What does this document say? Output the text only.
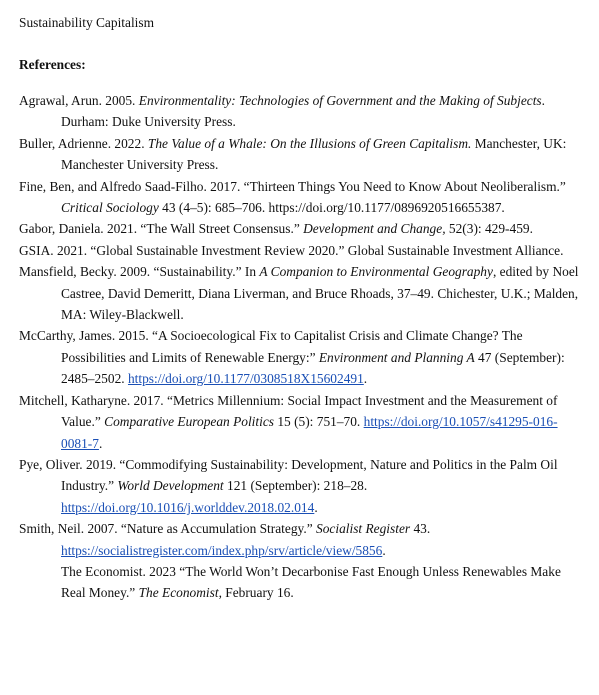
Sustainability Capitalism
References:

Agrawal, Arun. 2005. Environmentality: Technologies of Government and the Making of Subjects. Durham: Duke University Press.

Buller, Adrienne. 2022. The Value of a Whale: On the Illusions of Green Capitalism. Manchester, UK: Manchester University Press.

Fine, Ben, and Alfredo Saad-Filho. 2017. “Thirteen Things You Need to Know About Neoliberalism.” Critical Sociology 43 (4–5): 685–706. https://doi.org/10.1177/0896920516655387.

Gabor, Daniela. 2021. “The Wall Street Consensus.” Development and Change, 52(3): 429-459.

GSIA. 2021. “Global Sustainable Investment Review 2020.” Global Sustainable Investment Alliance.

Mansfield, Becky. 2009. “Sustainability.” In A Companion to Environmental Geography, edited by Noel Castree, David Demeritt, Diana Liverman, and Bruce Rhoads, 37–49. Chichester, U.K.; Malden, MA: Wiley-Blackwell.

McCarthy, James. 2015. “A Socioecological Fix to Capitalist Crisis and Climate Change? The Possibilities and Limits of Renewable Energy:” Environment and Planning A 47 (September): 2485–2502. https://doi.org/10.1177/0308518X15602491.

Mitchell, Katharyne. 2017. “Metrics Millennium: Social Impact Investment and the Measurement of Value.” Comparative European Politics 15 (5): 751–70. https://doi.org/10.1057/s41295-016-0081-7.

Pye, Oliver. 2019. “Commodifying Sustainability: Development, Nature and Politics in the Palm Oil Industry.” World Development 121 (September): 218–28. https://doi.org/10.1016/j.worlddev.2018.02.014.

Smith, Neil. 2007. “Nature as Accumulation Strategy.” Socialist Register 43. https://socialistregister.com/index.php/srv/article/view/5856.

The Economist. 2023 “The World Won’t Decarbonise Fast Enough Unless Renewables Make Real Money.” The Economist, February 16.
